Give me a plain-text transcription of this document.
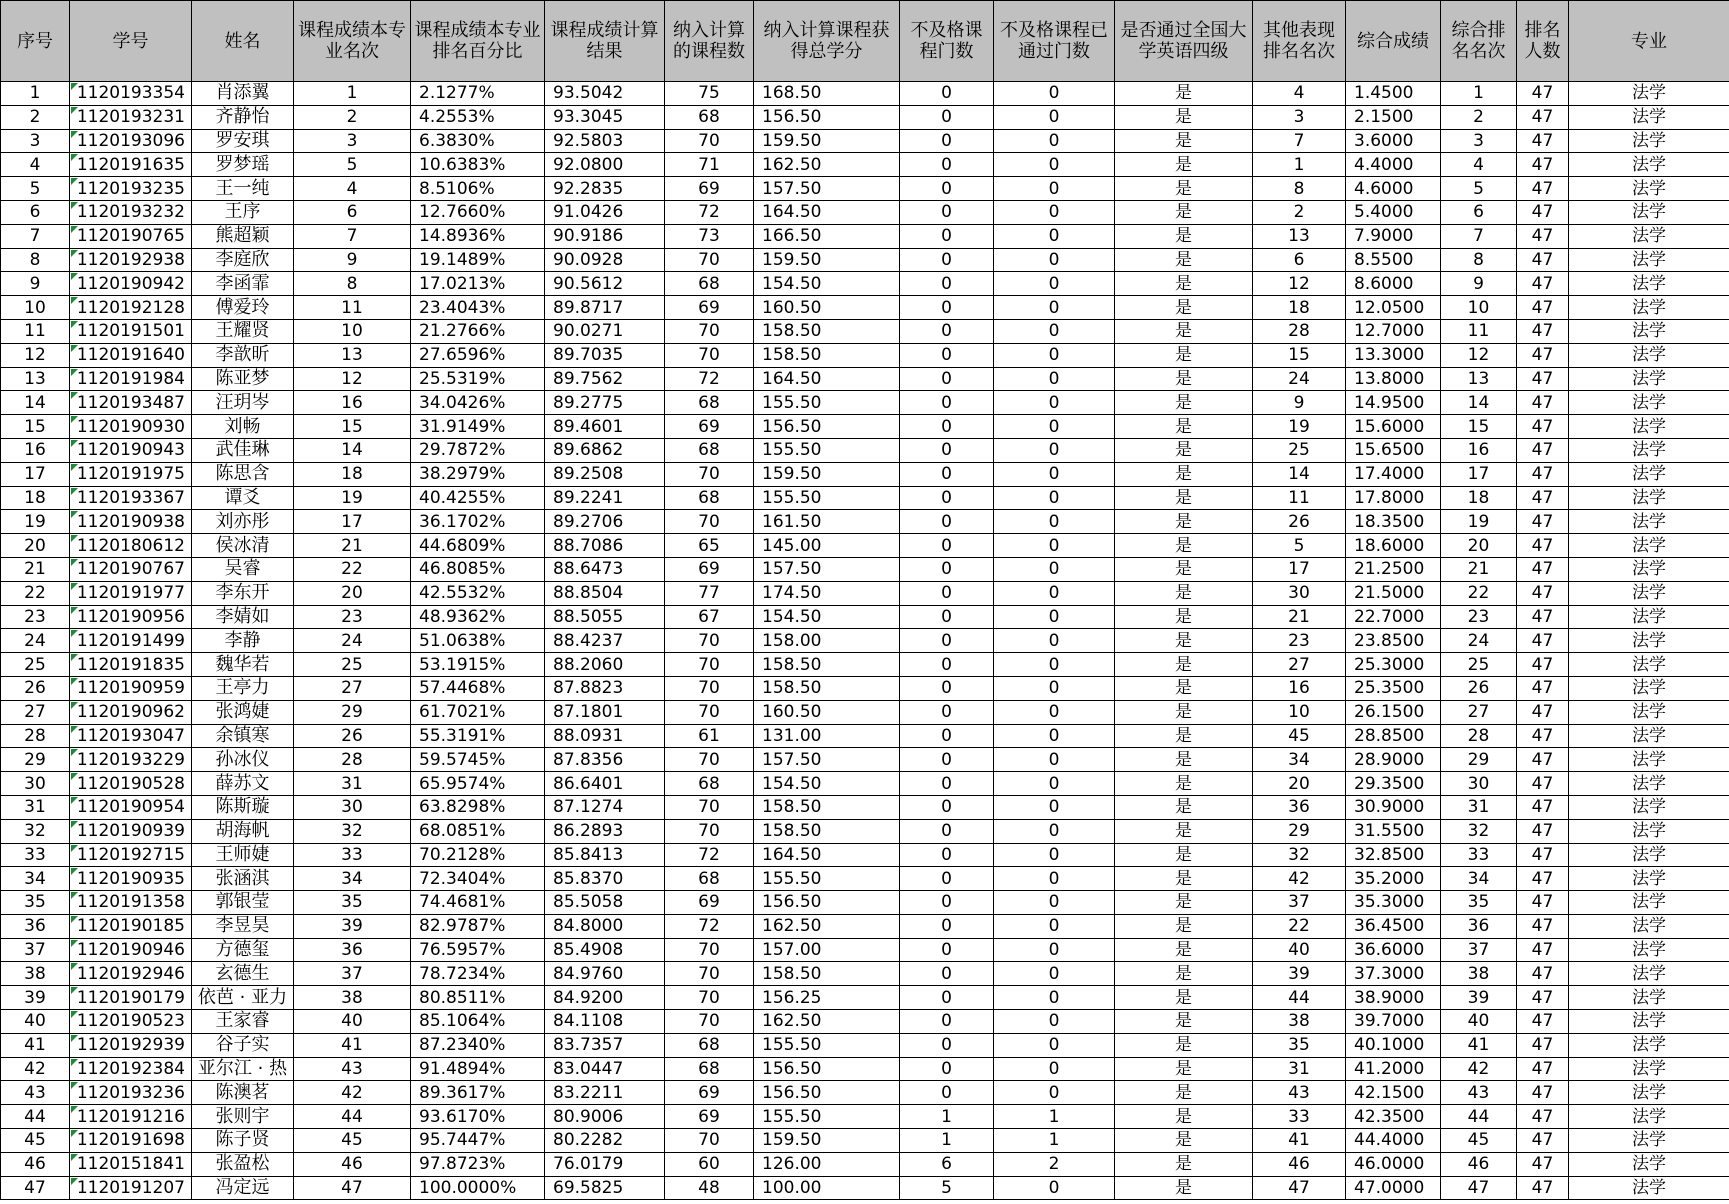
序号	学号	姓名	课程成绩本专业名次	课程成绩本专业排名百分比	课程成绩计算结果	纳入计算的课程数	纳入计算课程获得总学分	不及格课程门数	不及格课程已通过门数	是否通过全国大学英语四级	其他表现排名名次	综合成绩	综合排名名次	排名人数	专业
1	1120193354	肖添翼	1	2.1277%	93.5042	75	168.50	0	0	是	4	1.4500	1	47	法学
2	1120193231	齐静怡	2	4.2553%	93.3045	68	156.50	0	0	是	3	2.1500	2	47	法学
3	1120193096	罗安琪	3	6.3830%	92.5803	70	159.50	0	0	是	7	3.6000	3	47	法学
4	1120191635	罗梦瑶	5	10.6383%	92.0800	71	162.50	0	0	是	1	4.4000	4	47	法学
5	1120193235	王一纯	4	8.5106%	92.2835	69	157.50	0	0	是	8	4.6000	5	47	法学
6	1120193232	王序	6	12.7660%	91.0426	72	164.50	0	0	是	2	5.4000	6	47	法学
7	1120190765	熊超颖	7	14.8936%	90.9186	73	166.50	0	0	是	13	7.9000	7	47	法学
8	1120192938	李庭欣	9	19.1489%	90.0928	70	159.50	0	0	是	6	8.5500	8	47	法学
9	1120190942	李函霏	8	17.0213%	90.5612	68	154.50	0	0	是	12	8.6000	9	47	法学
10	1120192128	傅爱玲	11	23.4043%	89.8717	69	160.50	0	0	是	18	12.0500	10	47	法学
11	1120191501	王耀贤	10	21.2766%	90.0271	70	158.50	0	0	是	28	12.7000	11	47	法学
12	1120191640	李歆昕	13	27.6596%	89.7035	70	158.50	0	0	是	15	13.3000	12	47	法学
13	1120191984	陈亚梦	12	25.5319%	89.7562	72	164.50	0	0	是	24	13.8000	13	47	法学
14	1120193487	汪玥岑	16	34.0426%	89.2775	68	155.50	0	0	是	9	14.9500	14	47	法学
15	1120190930	刘畅	15	31.9149%	89.4601	69	156.50	0	0	是	19	15.6000	15	47	法学
16	1120190943	武佳琳	14	29.7872%	89.6862	68	155.50	0	0	是	25	15.6500	16	47	法学
17	1120191975	陈思含	18	38.2979%	89.2508	70	159.50	0	0	是	14	17.4000	17	47	法学
18	1120193367	谭爻	19	40.4255%	89.2241	68	155.50	0	0	是	11	17.8000	18	47	法学
19	1120190938	刘亦彤	17	36.1702%	89.2706	70	161.50	0	0	是	26	18.3500	19	47	法学
20	1120180612	侯冰清	21	44.6809%	88.7086	65	145.00	0	0	是	5	18.6000	20	47	法学
21	1120190767	吴睿	22	46.8085%	88.6473	69	157.50	0	0	是	17	21.2500	21	47	法学
22	1120191977	李东开	20	42.5532%	88.8504	77	174.50	0	0	是	30	21.5000	22	47	法学
23	1120190956	李婧如	23	48.9362%	88.5055	67	154.50	0	0	是	21	22.7000	23	47	法学
24	1120191499	李静	24	51.0638%	88.4237	70	158.00	0	0	是	23	23.8500	24	47	法学
25	1120191835	魏华若	25	53.1915%	88.2060	70	158.50	0	0	是	27	25.3000	25	47	法学
26	1120190959	王亭力	27	57.4468%	87.8823	70	158.50	0	0	是	16	25.3500	26	47	法学
27	1120190962	张鸿婕	29	61.7021%	87.1801	70	160.50	0	0	是	10	26.1500	27	47	法学
28	1120193047	余镇寒	26	55.3191%	88.0931	61	131.00	0	0	是	45	28.8500	28	47	法学
29	1120193229	孙冰仪	28	59.5745%	87.8356	70	157.50	0	0	是	34	28.9000	29	47	法学
30	1120190528	薛苏文	31	65.9574%	86.6401	68	154.50	0	0	是	20	29.3500	30	47	法学
31	1120190954	陈斯璇	30	63.8298%	87.1274	70	158.50	0	0	是	36	30.9000	31	47	法学
32	1120190939	胡海帆	32	68.0851%	86.2893	70	158.50	0	0	是	29	31.5500	32	47	法学
33	1120192715	王师婕	33	70.2128%	85.8413	72	164.50	0	0	是	32	32.8500	33	47	法学
34	1120190935	张涵淇	34	72.3404%	85.8370	68	155.50	0	0	是	42	35.2000	34	47	法学
35	1120191358	郭银莹	35	74.4681%	85.5058	69	156.50	0	0	是	37	35.3000	35	47	法学
36	1120190185	李昱昊	39	82.9787%	84.8000	72	162.50	0	0	是	22	36.4500	36	47	法学
37	1120190946	方德玺	36	76.5957%	85.4908	70	157.00	0	0	是	40	36.6000	37	47	法学
38	1120192946	玄德生	37	78.7234%	84.9760	70	158.50	0	0	是	39	37.3000	38	47	法学
39	1120190179	依芭 · 亚力	38	80.8511%	84.9200	70	156.25	0	0	是	44	38.9000	39	47	法学
40	1120190523	王家睿	40	85.1064%	84.1108	70	162.50	0	0	是	38	39.7000	40	47	法学
41	1120192939	谷子实	41	87.2340%	83.7357	68	155.50	0	0	是	35	40.1000	41	47	法学
42	1120192384	亚尔江 · 热	43	91.4894%	83.0447	68	156.50	0	0	是	31	41.2000	42	47	法学
43	1120193236	陈澳茗	42	89.3617%	83.2211	69	156.50	0	0	是	43	42.1500	43	47	法学
44	1120191216	张则宇	44	93.6170%	80.9006	69	155.50	1	1	是	33	42.3500	44	47	法学
45	1120191698	陈子贤	45	95.7447%	80.2282	70	159.50	1	1	是	41	44.4000	45	47	法学
46	1120151841	张盈松	46	97.8723%	76.0179	60	126.00	6	2	是	46	46.0000	46	47	法学
47	1120191207	冯定远	47	100.0000%	69.5825	48	100.00	5	0	是	47	47.0000	47	47	法学
